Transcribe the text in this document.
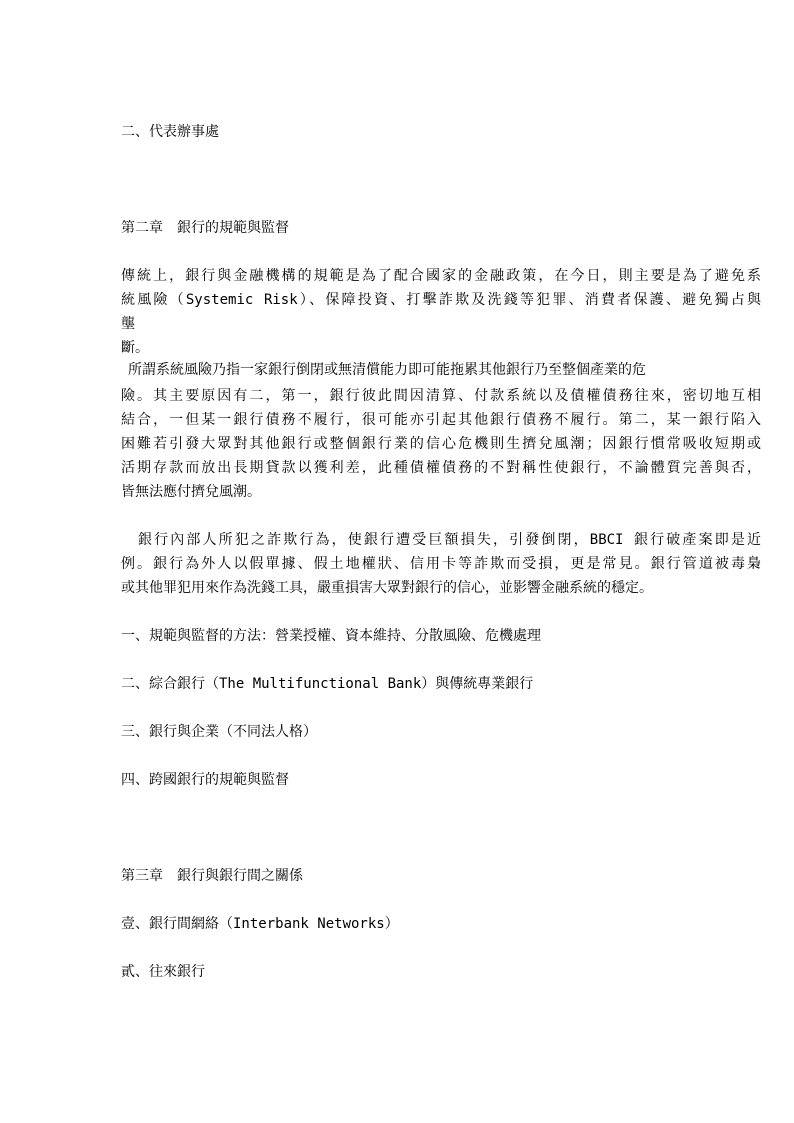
二、代表辦事處
第二章　銀行的規範與監督
傳統上，銀行與金融機構的規範是為了配合國家的金融政策，在今日，則主要是為了避免系
統風險（Systemic Risk）、保障投資、打擊詐欺及洗錢等犯罪、消費者保護、避免獨占與
壟
斷。
所謂系統風險乃指一家銀行倒閉或無清償能力即可能拖累其他銀行乃至整個產業的危
險。其主要原因有二，第一，銀行彼此間因清算、付款系統以及債權債務往來，密切地互相
結合，一但某一銀行債務不履行，很可能亦引起其他銀行債務不履行。第二，某一銀行陷入
困難若引發大眾對其他銀行或整個銀行業的信心危機則生擠兌風潮；因銀行慣常吸收短期或
活期存款而放出長期貸款以獲利差，此種債權債務的不對稱性使銀行，不論體質完善與否，
皆無法應付擠兌風潮。
銀行內部人所犯之詐欺行為，使銀行遭受巨額損失，引發倒閉，BBCI 銀行破產案即是近
例。銀行為外人以假單據、假土地權狀、信用卡等詐欺而受損，更是常見。銀行管道被毒梟
或其他罪犯用來作為洗錢工具，嚴重損害大眾對銀行的信心，並影響金融系統的穩定。
一、規範與監督的方法：營業授權、資本維持、分散風險、危機處理
二、綜合銀行（The Multifunctional Bank）與傳統專業銀行
三、銀行與企業（不同法人格）
四、跨國銀行的規範與監督
第三章　銀行與銀行間之關係
壹、銀行間網絡（Interbank Networks）
貳、往來銀行
